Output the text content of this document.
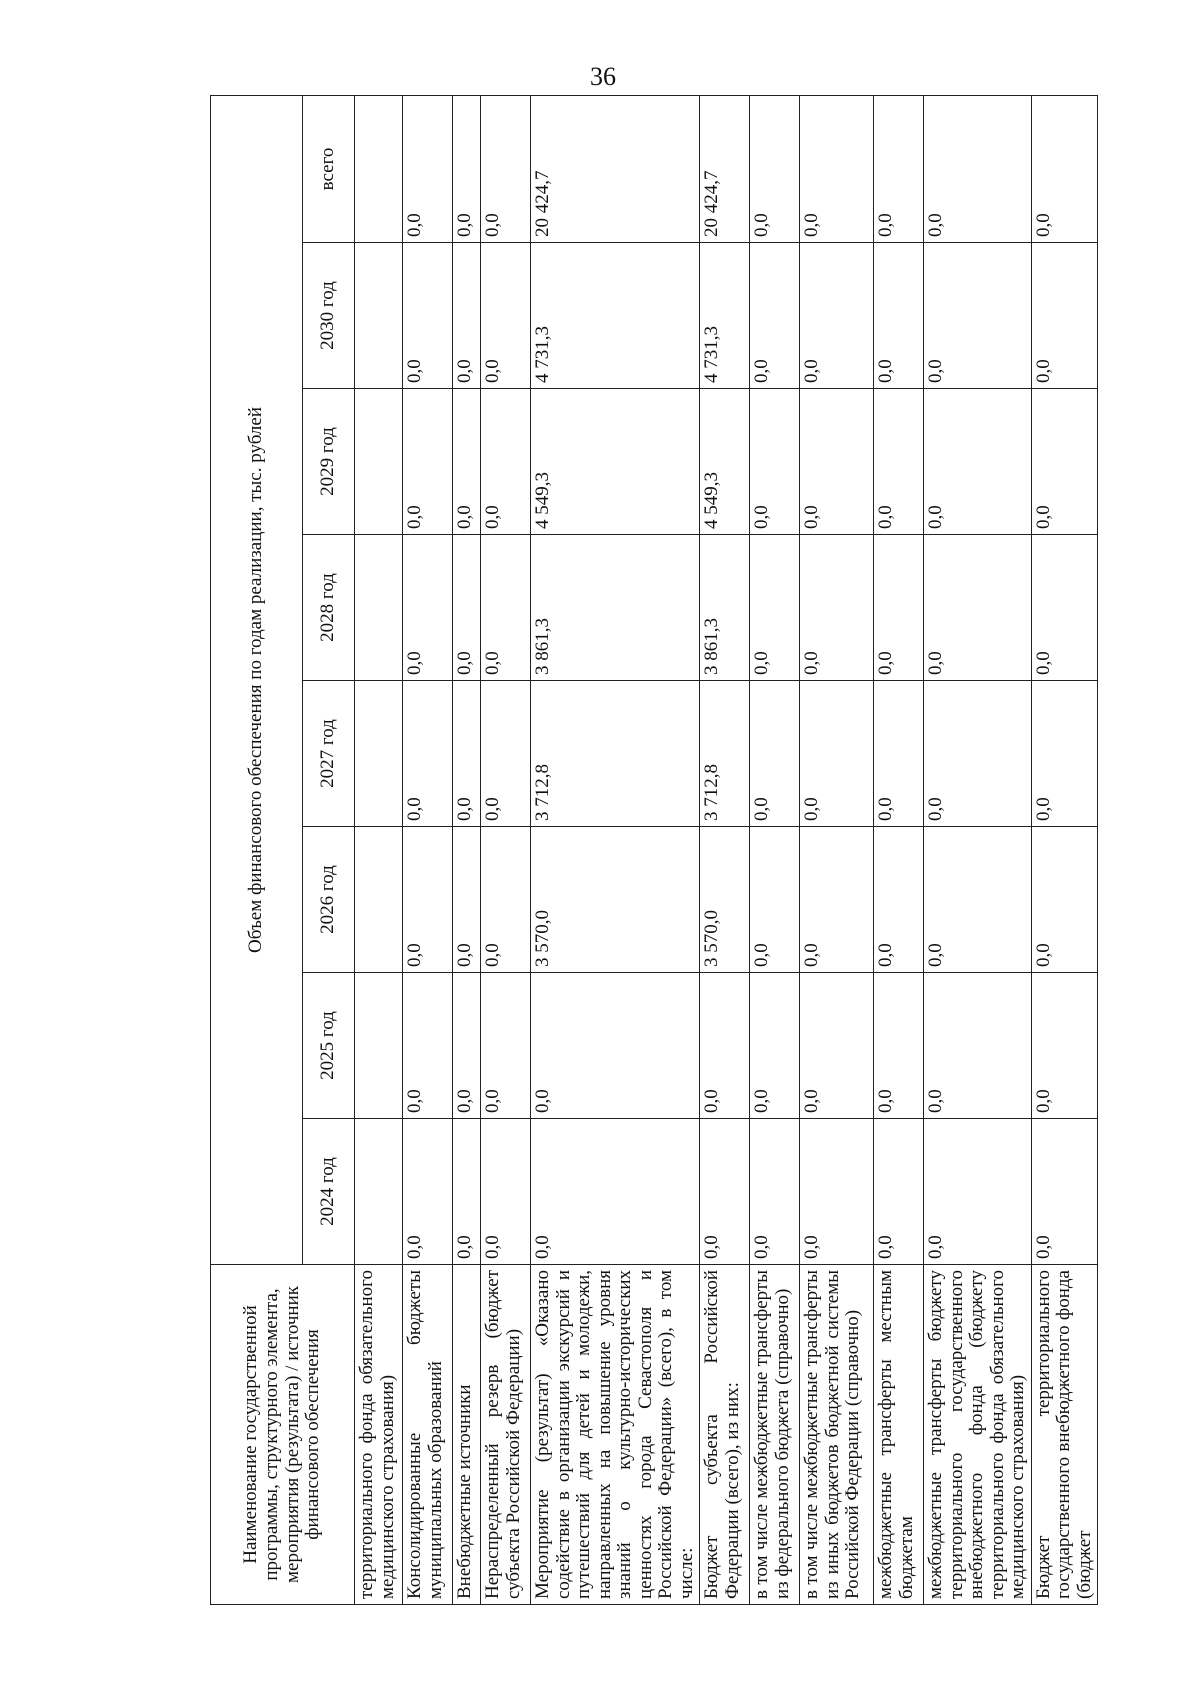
36
Наименование государственной программы, структурного элемента, мероприятия (результата) / источник финансового обеспечения	Объем финансового обеспечения по годам реализации, тыс. рублей							
	2024 год	2025 год	2026 год	2027 год	2028 год	2029 год	2030 год	всего
территориального фонда обязательного медицинского страхования)								
Консолидированные бюджеты муниципальных образований	0,0	0,0	0,0	0,0	0,0	0,0	0,0	0,0
Внебюджетные источники	0,0	0,0	0,0	0,0	0,0	0,0	0,0	0,0
Нераспределенный резерв (бюджет субъекта Российской Федерации)	0,0	0,0	0,0	0,0	0,0	0,0	0,0	0,0
Мероприятие (результат) «Оказано содействие в организации экскурсий и путешествий для детей и молодежи, направленных на повышение уровня знаний о культурно-исторических ценностях города Севастополя и Российской Федерации» (всего), в том числе:	0,0	0,0	3 570,0	3 712,8	3 861,3	4 549,3	4 731,3	20 424,7
Бюджет субъекта Российской Федерации (всего), из них:	0,0	0,0	3 570,0	3 712,8	3 861,3	4 549,3	4 731,3	20 424,7
в том числе межбюджетные трансферты из федерального бюджета (справочно)	0,0	0,0	0,0	0,0	0,0	0,0	0,0	0,0
в том числе межбюджетные трансферты из иных бюджетов бюджетной системы Российской Федерации (справочно)	0,0	0,0	0,0	0,0	0,0	0,0	0,0	0,0
межбюджетные трансферты местным бюджетам	0,0	0,0	0,0	0,0	0,0	0,0	0,0	0,0
межбюджетные трансферты бюджету территориального государственного внебюджетного фонда (бюджету территориального фонда обязательного медицинского страхования)	0,0	0,0	0,0	0,0	0,0	0,0	0,0	0,0
Бюджет территориального государственного внебюджетного фонда (бюджет	0,0	0,0	0,0	0,0	0,0	0,0	0,0	0,0
